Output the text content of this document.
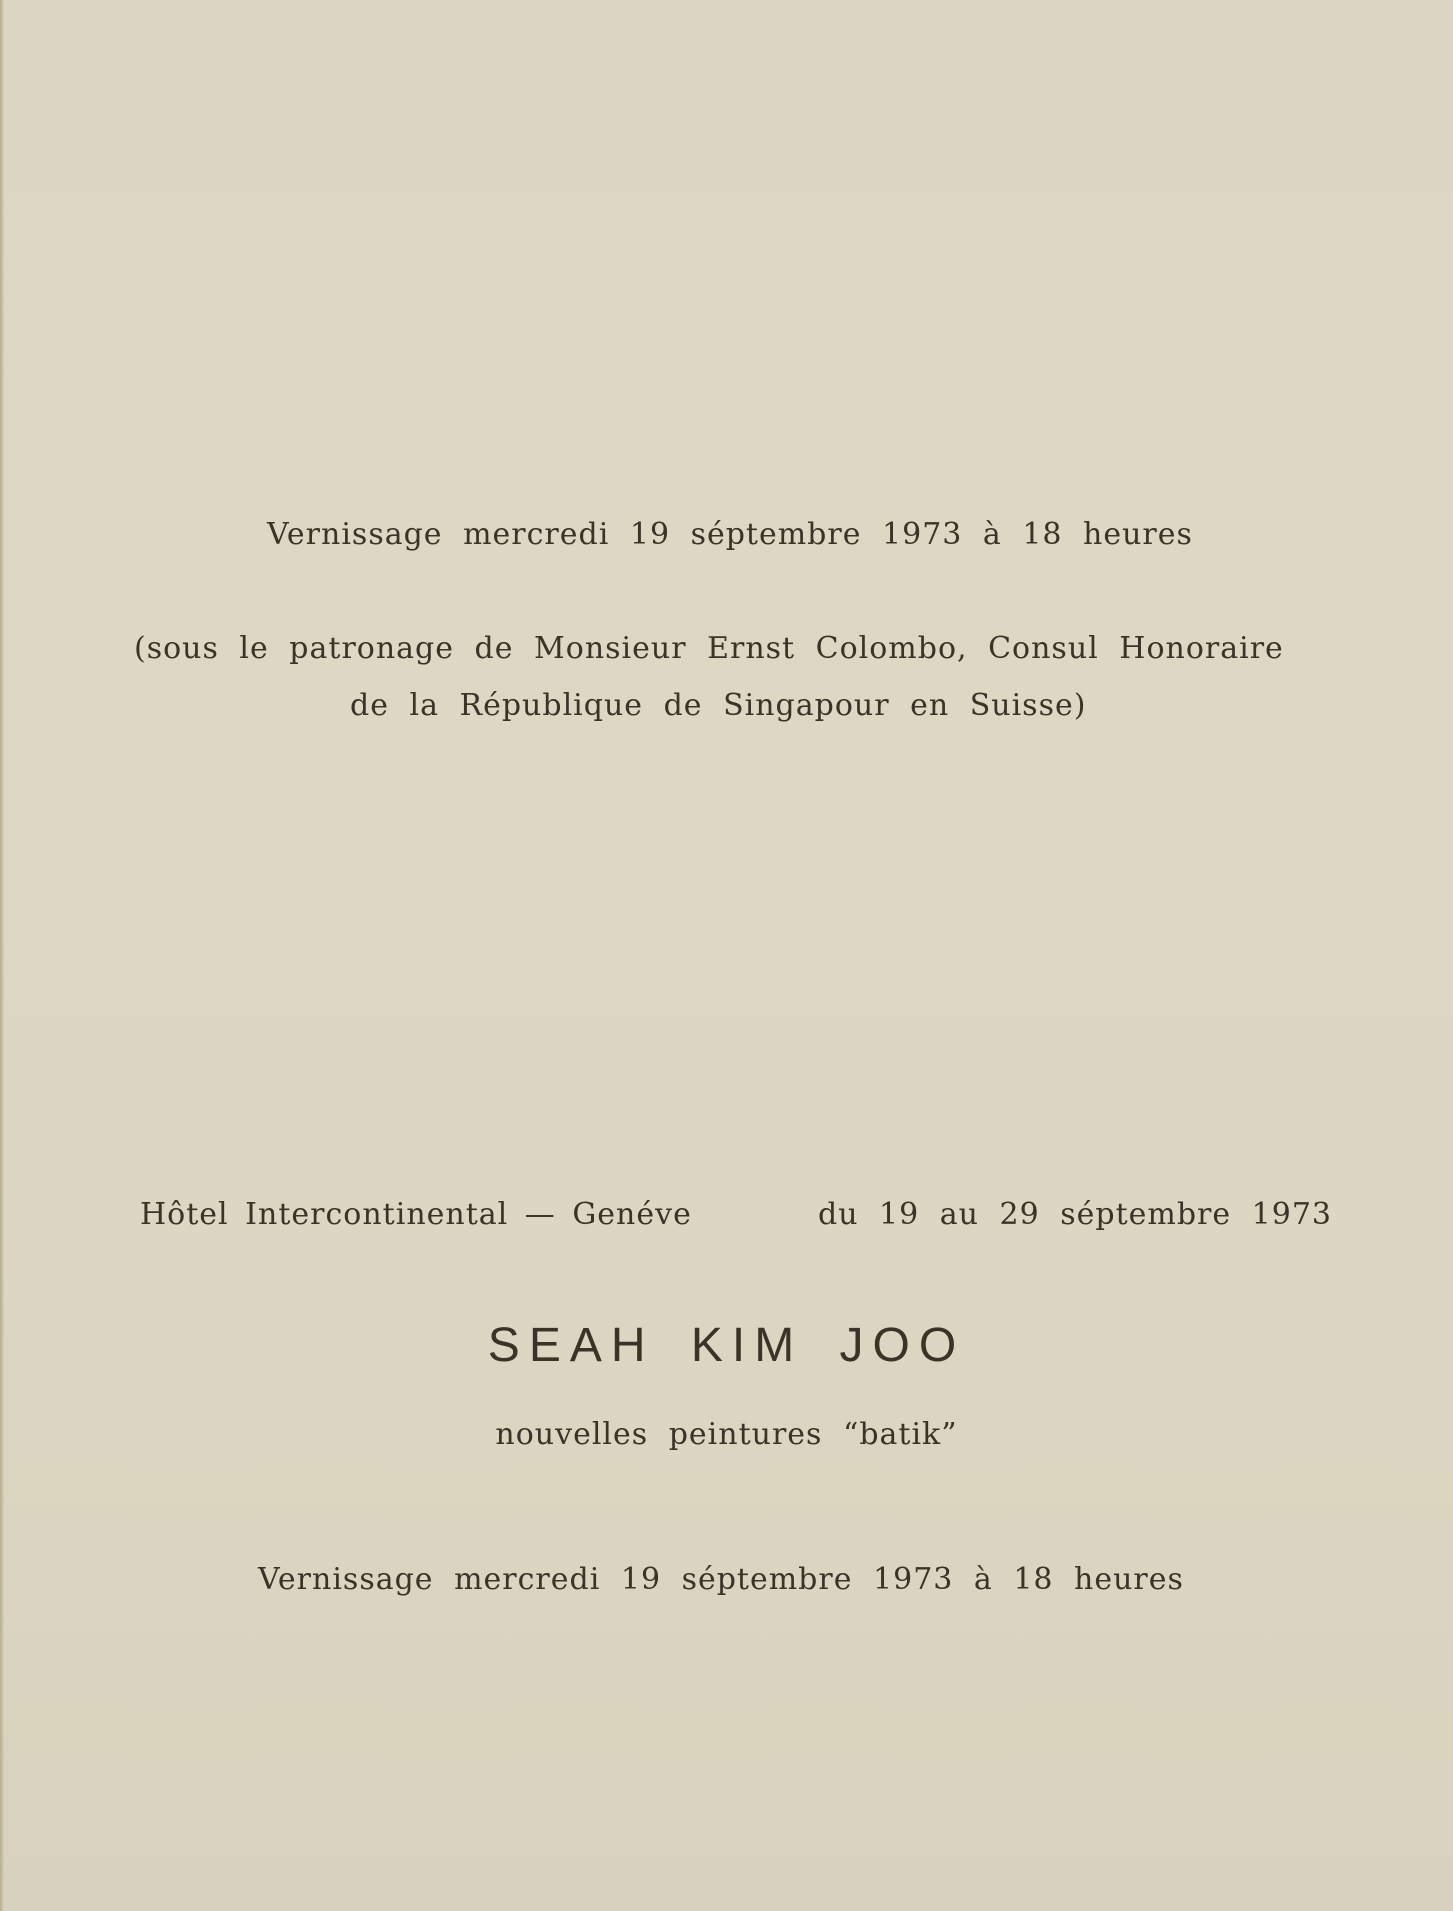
Vernissage mercredi 19 séptembre 1973 à 18 heures
(sous le patronage de Monsieur Ernst Colombo, Consul Honoraire
de la République de Singapour en Suisse)
Hôtel Intercontinental — Genéve	du 19 au 29 séptembre 1973
SEAH KIM JOO
nouvelles peintures “batik”
Vernissage mercredi 19 séptembre 1973 à 18 heures
